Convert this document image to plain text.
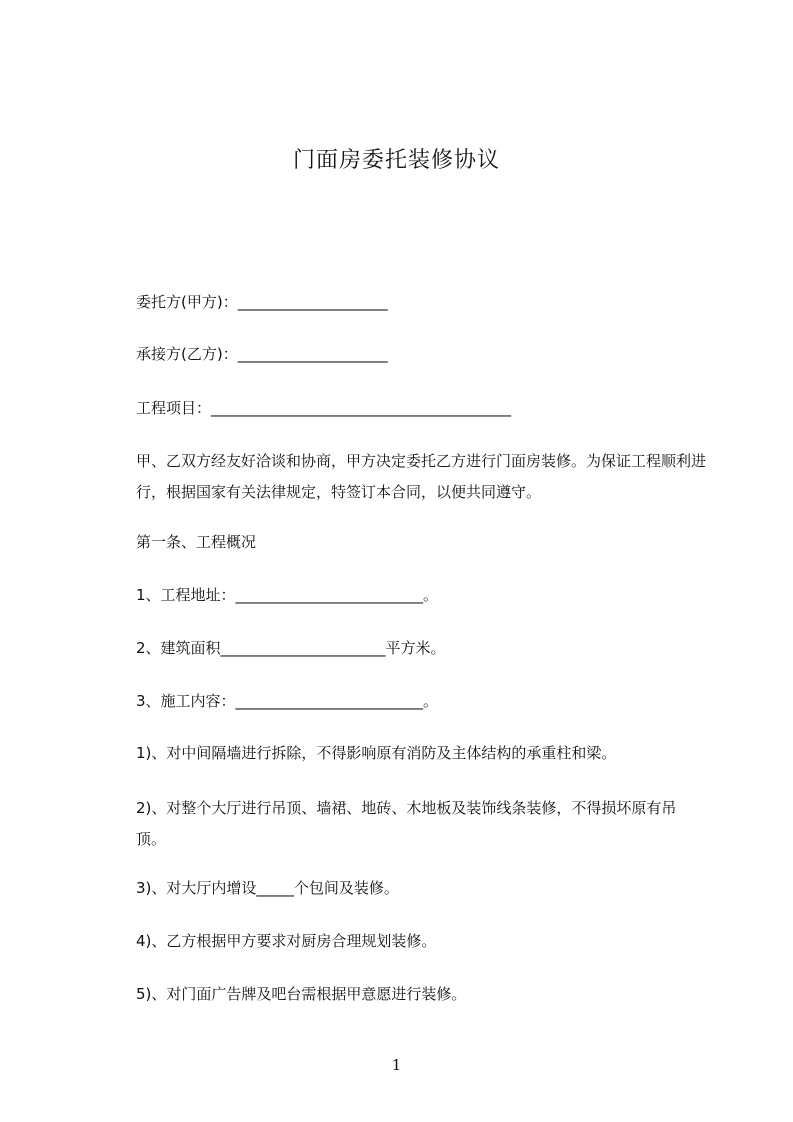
门面房委托装修协议
委托方(甲方)：____________________
承接方(乙方)：____________________
工程项目：________________________________________
甲、乙双方经友好洽谈和协商，甲方决定委托乙方进行门面房装修。为保证工程顺利进行，根据国家有关法律规定，特签订本合同，以便共同遵守。
第一条、工程概况
1、工程地址：_________________________。
2、建筑面积______________________平方米。
3、施工内容：_________________________。
1)、对中间隔墙进行拆除，不得影响原有消防及主体结构的承重柱和梁。
2)、对整个大厅进行吊顶、墙裙、地砖、木地板及装饰线条装修，不得损坏原有吊顶。
3)、对大厅内增设_____个包间及装修。
4)、乙方根据甲方要求对厨房合理规划装修。
5)、对门面广告牌及吧台需根据甲意愿进行装修。
1
